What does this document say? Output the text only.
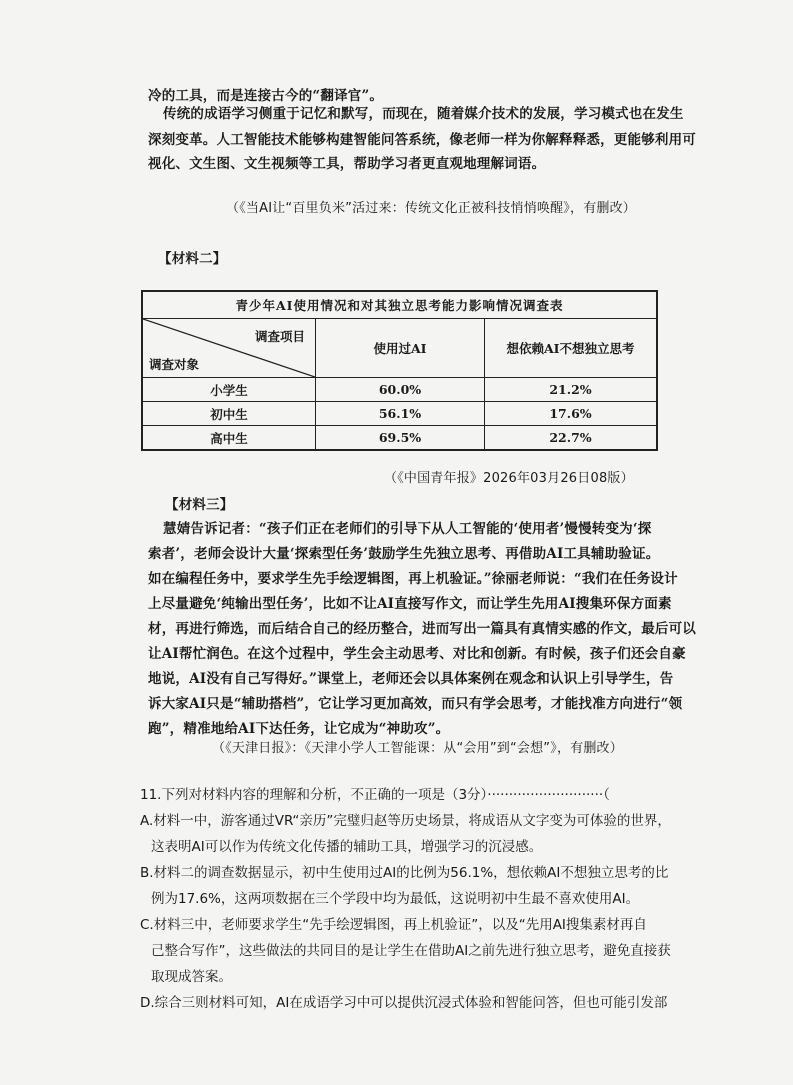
冷的工具，而是连接古今的“翻译官”。
传统的成语学习侧重于记忆和默写，而现在，随着媒介技术的发展，学习模式也在发生
深刻变革。人工智能技术能够构建智能问答系统，像老师一样为你解释释悉，更能够利用可
视化、文生图、文生视频等工具，帮助学习者更直观地理解词语。
（《当AI让“百里负米”活过来：传统文化正被科技悄悄唤醒》，有删改）
【材料二】
青少年AI使用情况和对其独立思考能力影响情况调查表		

调查项目
调查对象	使用过AI	想依赖AI不想独立思考
小学生	60.0%	21.2%
初中生	56.1%	17.6%
高中生	69.5%	22.7%
（《中国青年报》2026年03月26日08版）
【材料三】
慧婧告诉记者：“孩子们正在老师们的引导下从人工智能的‘使用者’慢慢转变为‘探
索者’，老师会设计大量‘探索型任务’鼓励学生先独立思考、再借助AI工具辅助验证。
如在编程任务中，要求学生先手绘逻辑图，再上机验证。”徐丽老师说：“我们在任务设计
上尽量避免‘纯输出型任务’，比如不让AI直接写作文，而让学生先用AI搜集环保方面素
材，再进行筛选，而后结合自己的经历整合，进而写出一篇具有真情实感的作文，最后可以
让AI帮忙润色。在这个过程中，学生会主动思考、对比和创新。有时候，孩子们还会自豪
地说，AI没有自己写得好。”课堂上，老师还会以具体案例在观念和认识上引导学生，告
诉大家AI只是“辅助搭档”，它让学习更加高效，而只有学会思考，才能找准方向进行“领
跑”，精准地给AI下达任务，让它成为“神助攻”。
（《天津日报》：《天津小学人工智能课：从“会用”到“会想”》，有删改）
11.下列对材料内容的理解和分析，不正确的一项是（3分）···························（
A.材料一中，游客通过VR“亲历”完璧归赵等历史场景，将成语从文字变为可体验的世界，
这表明AI可以作为传统文化传播的辅助工具，增强学习的沉浸感。
B.材料二的调查数据显示，初中生使用过AI的比例为56.1%，想依赖AI不想独立思考的比
例为17.6%，这两项数据在三个学段中均为最低，这说明初中生最不喜欢使用AI。
C.材料三中，老师要求学生“先手绘逻辑图，再上机验证”，以及“先用AI搜集素材再自
己整合写作”，这些做法的共同目的是让学生在借助AI之前先进行独立思考，避免直接获
取现成答案。
D.综合三则材料可知，AI在成语学习中可以提供沉浸式体验和智能问答，但也可能引发部
